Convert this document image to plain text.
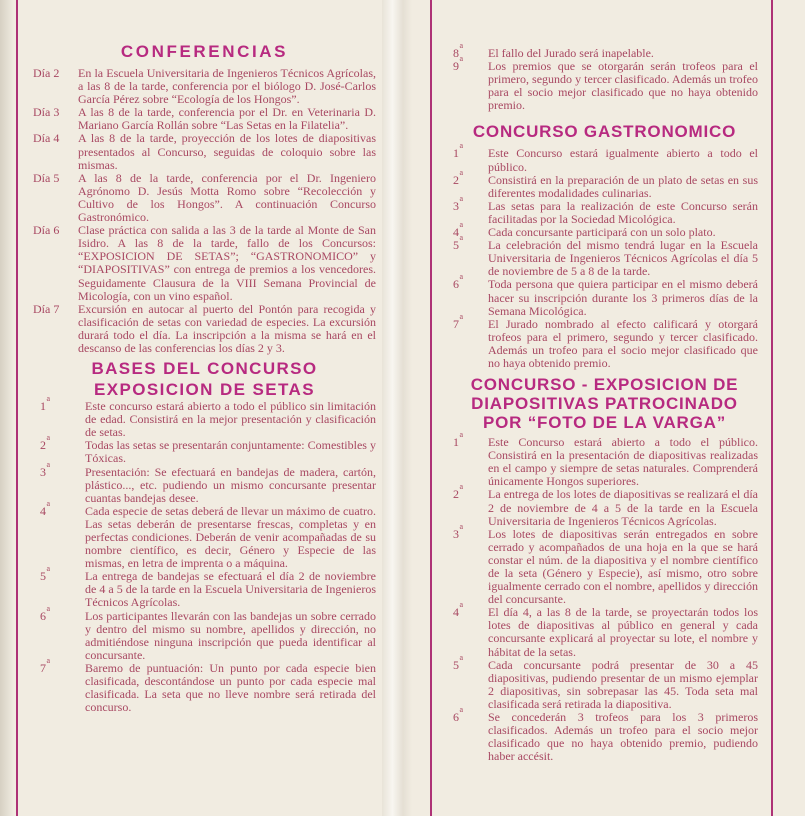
CONFERENCIAS
Día 2 En la Escuela Universitaria de Ingenieros Técnicos Agrícolas, a las 8 de la tarde, conferencia por el biólogo D. José-Carlos García Pérez sobre “Ecología de los Hongos”.
Día 3 A las 8 de la tarde, conferencia por el Dr. en Veterinaria D. Mariano García Rollán sobre “Las Setas en la Filatelia”.
Día 4 A las 8 de la tarde, proyección de los lotes de diapositivas presentados al Concurso, seguidas de coloquio sobre las mismas.
Día 5 A las 8 de la tarde, conferencia por el Dr. Ingeniero Agrónomo D. Jesús Motta Romo sobre “Recolección y Cultivo de los Hongos”. A continuación Concurso Gastronómico.
Día 6 Clase práctica con salida a las 3 de la tarde al Monte de San Isidro. A las 8 de la tarde, fallo de los Concursos: “EXPOSICION DE SETAS”; “GASTRONOMICO” y “DIAPOSITIVAS” con entrega de premios a los vencedores. Seguidamente Clausura de la VIII Semana Provincial de Micología, con un vino español.
Día 7 Excursión en autocar al puerto del Pontón para recogida y clasificación de setas con variedad de especies. La excursión durará todo el día. La inscripción a la misma se hará en el descanso de las conferencias los días 2 y 3.
BASES DEL CONCURSO
EXPOSICION DE SETAS
1$^a$
Este concurso estará abierto a todo el público sin limitación de edad. Consistirá en la mejor presentación y clasificación de setas.
2$^a$
Todas las setas se presentarán conjuntamente: Comestibles y Tóxicas.
3$^a$
Presentación: Se efectuará en bandejas de madera, cartón, plástico..., etc. pudiendo un mismo concursante presentar cuantas bandejas desee.
4$^a$
Cada especie de setas deberá de llevar un máximo de cuatro. Las setas deberán de presentarse frescas, completas y en perfectas condiciones. Deberán de venir acompañadas de su nombre científico, es decir, Género y Especie de las mismas, en letra de imprenta o a máquina.
5$^a$
La entrega de bandejas se efectuará el día 2 de noviembre de 4 a 5 de la tarde en la Escuela Universitaria de Ingenieros Técnicos Agrícolas.
6$^a$
Los participantes llevarán con las bandejas un sobre cerrado y dentro del mismo su nombre, apellidos y dirección, no admitiéndose ninguna inscripción que pueda identificar al concursante.
7$^a$
Baremo de puntuación: Un punto por cada especie bien clasificada, descontándose un punto por cada especie mal clasificada. La seta que no lleve nombre será retirada del concurso.
8$^a$
El fallo del Jurado será inapelable.
9$^a$
Los premios que se otorgarán serán trofeos para el primero, segundo y tercer clasificado. Además un trofeo para el socio mejor clasificado que no haya obtenido premio.
CONCURSO GASTRONOMICO
1$^a$
Este Concurso estará igualmente abierto a todo el público.
2$^a$
Consistirá en la preparación de un plato de setas en sus diferentes modalidades culinarias.
3$^a$
Las setas para la realización de este Concurso serán facilitadas por la Sociedad Micológica.
4$^a$
Cada concursante participará con un solo plato.
5$^a$
La celebración del mismo tendrá lugar en la Escuela Universitaria de Ingenieros Técnicos Agrícolas el día 5 de noviembre de 5 a 8 de la tarde.
6$^a$
Toda persona que quiera participar en el mismo deberá hacer su inscripción durante los 3 primeros días de la Semana Micológica.
7$^a$
El Jurado nombrado al efecto calificará y otorgará trofeos para el primero, segundo y tercer clasificado. Además un trofeo para el socio mejor clasificado que no haya obtenido premio.
CONCURSO - EXPOSICION DE
DIAPOSITIVAS PATROCINADO
POR “FOTO DE LA VARGA”
1$^a$
Este Concurso estará abierto a todo el público. Consistirá en la presentación de diapositivas realizadas en el campo y siempre de setas naturales. Comprenderá únicamente Hongos superiores.
2$^a$
La entrega de los lotes de diapositivas se realizará el día 2 de noviembre de 4 a 5 de la tarde en la Escuela Universitaria de Ingenieros Técnicos Agrícolas.
3$^a$
Los lotes de diapositivas serán entregados en sobre cerrado y acompañados de una hoja en la que se hará constar el núm. de la diapositiva y el nombre científico de la seta (Género y Especie), así mismo, otro sobre igualmente cerrado con el nombre, apellidos y dirección del concursante.
4$^a$
El día 4, a las 8 de la tarde, se proyectarán todos los lotes de diapositivas al público en general y cada concursante explicará al proyectar su lote, el nombre y hábitat de la setas.
5$^a$
Cada concursante podrá presentar de 30 a 45 diapositivas, pudiendo presentar de un mismo ejemplar 2 diapositivas, sin sobrepasar las 45. Toda seta mal clasificada será retirada la diapositiva.
6$^a$
Se concederán 3 trofeos para los 3 primeros clasificados. Además un trofeo para el socio mejor clasificado que no haya obtenido premio, pudiendo haber accésit.
